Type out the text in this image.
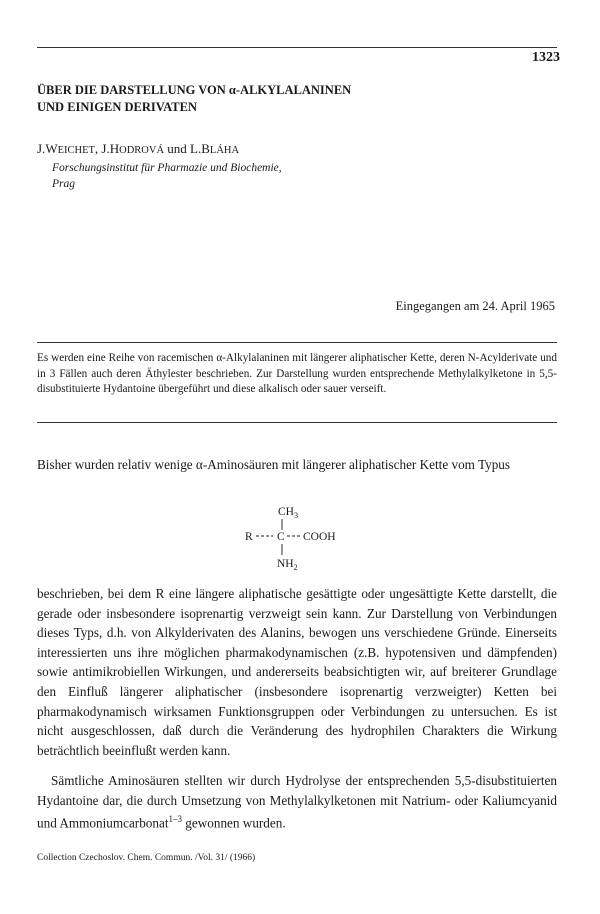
1323
ÜBER DIE DARSTELLUNG VON α-ALKYLALANINEN
UND EINIGEN DERIVATEN
J.WEICHET, J.HODROVÁ und L.BLÁHA
Forschungsinstitut für Pharmazie und Biochemie,
Prag
Eingegangen am 24. April 1965
Es werden eine Reihe von racemischen α-Alkylalaninen mit längerer aliphatischer Kette, deren N-Acylderivate und in 3 Fällen auch deren Äthylester beschrieben. Zur Darstellung wurden entsprechende Methylalkylketone in 5,5-disubstituierte Hydantoine übergeführt und diese alkalisch oder sauer verseift.
Bisher wurden relativ wenige α-Aminosäuren mit längerer aliphatischer Kette vom Typus
$CH_3$
R C COOH
$NH_2$
beschrieben, bei dem R eine längere aliphatische gesättigte oder ungesättigte Kette darstellt, die gerade oder insbesondere isoprenartig verzweigt sein kann. Zur Darstellung von Verbindungen dieses Typs, d.h. von Alkylderivaten des Alanins, bewogen uns verschiedene Gründe. Einerseits interessierten uns ihre möglichen pharmakodynamischen (z.B. hypotensiven und dämpfenden) sowie antimikrobiellen Wirkungen, und andererseits beabsichtigten wir, auf breiterer Grundlage den Einfluß längerer aliphatischer (insbesondere isoprenartig verzweigter) Ketten bei pharmakodynamisch wirksamen Funktionsgruppen oder Verbindungen zu untersuchen. Es ist nicht ausgeschlossen, daß durch die Veränderung des hydrophilen Charakters die Wirkung beträchtlich beeinflußt werden kann.
Sämtliche Aminosäuren stellten wir durch Hydrolyse der entsprechenden 5,5-disubstituierten Hydantoine dar, die durch Umsetzung von Methylalkylketonen mit Natrium- oder Kaliumcyanid und Ammoniumcarbonat$^{1-3}$ gewonnen wurden.
Collection Czechoslov. Chem. Commun. /Vol. 31/ (1966)
